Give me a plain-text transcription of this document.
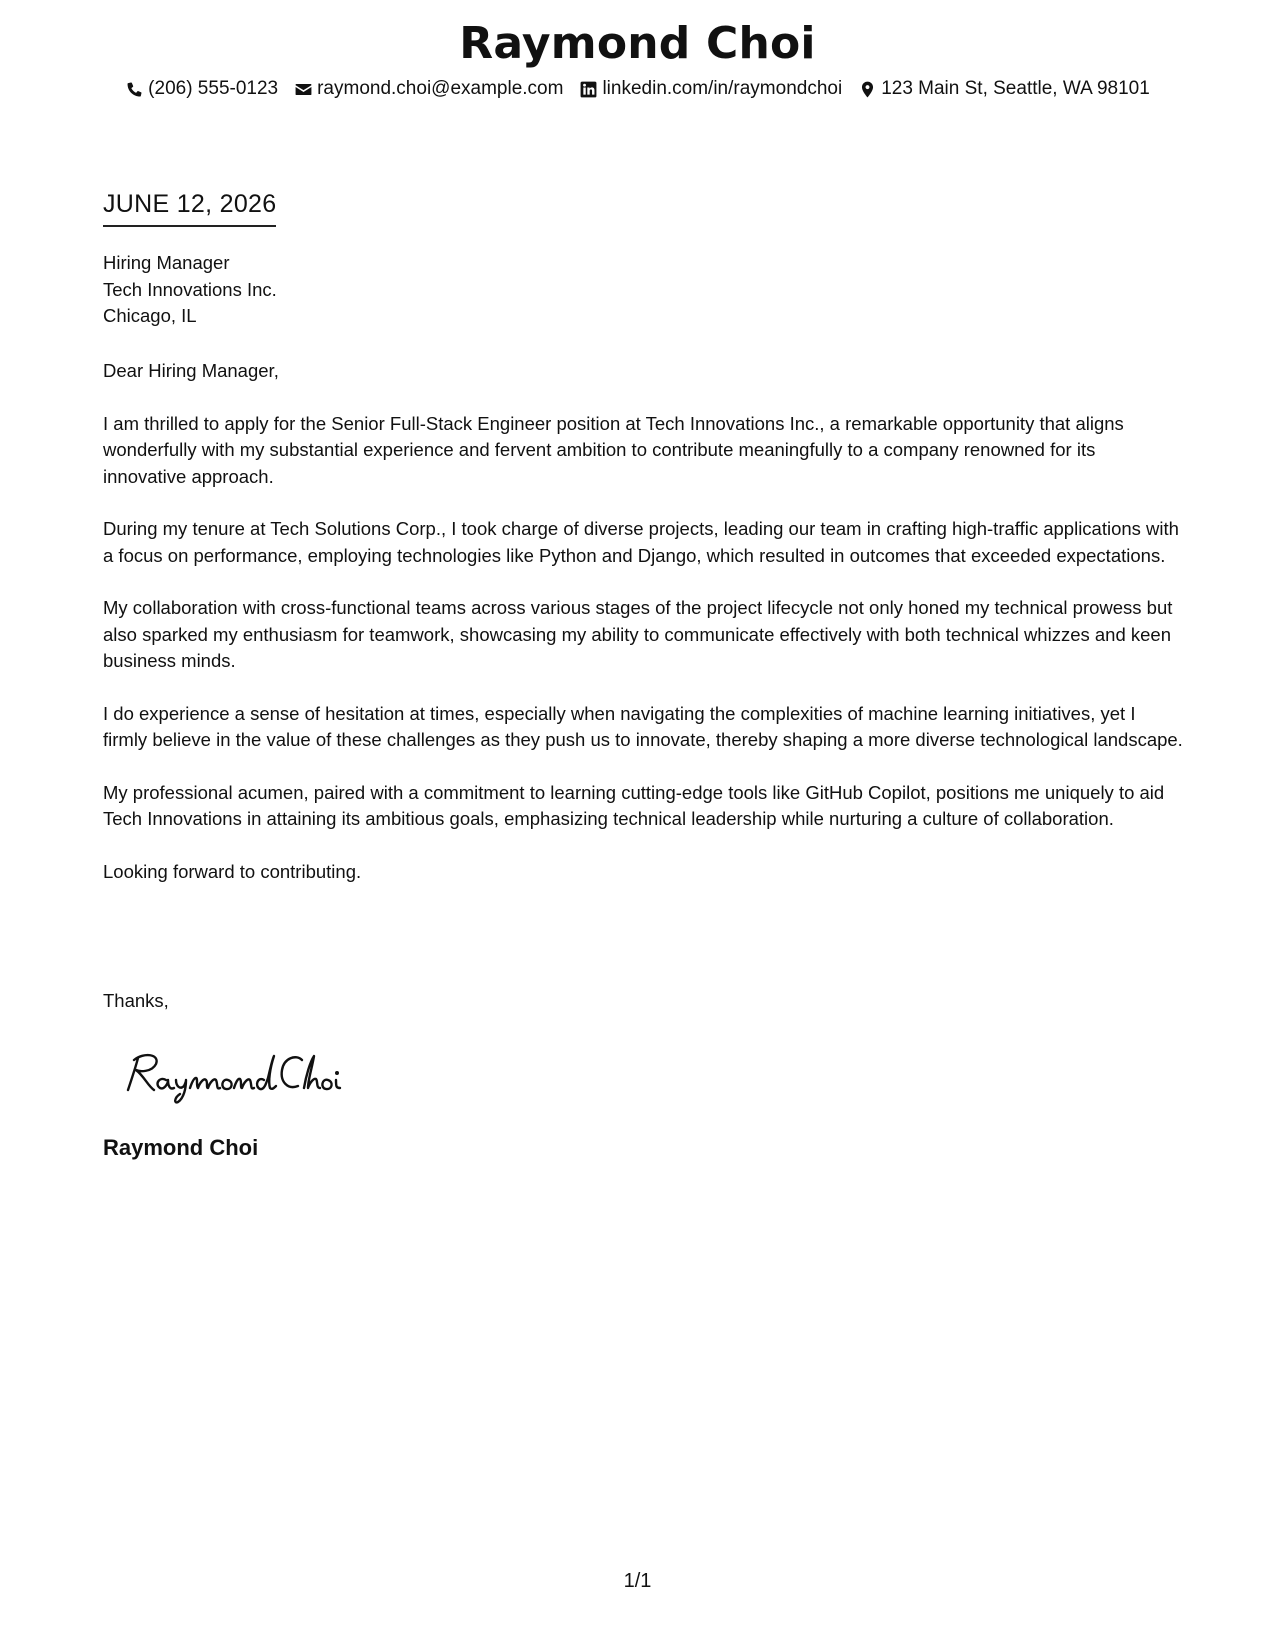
Raymond Choi
(206) 555-0123 raymond.choi@example.com linkedin.com/in/raymondchoi 123 Main St, Seattle, WA 98101
JUNE 12, 2026
Hiring Manager
Tech Innovations Inc.
Chicago, IL

Dear Hiring Manager,

I am thrilled to apply for the Senior Full-Stack Engineer position at Tech Innovations Inc., a remarkable opportunity that aligns wonderfully with my substantial experience and fervent ambition to contribute meaningfully to a company renowned for its innovative approach.

During my tenure at Tech Solutions Corp., I took charge of diverse projects, leading our team in crafting high-traffic applications with a focus on performance, employing technologies like Python and Django, which resulted in outcomes that exceeded expectations.

My collaboration with cross-functional teams across various stages of the project lifecycle not only honed my technical prowess but also sparked my enthusiasm for teamwork, showcasing my ability to communicate effectively with both technical whizzes and keen business minds.

I do experience a sense of hesitation at times, especially when navigating the complexities of machine learning initiatives, yet I firmly believe in the value of these challenges as they push us to innovate, thereby shaping a more diverse technological landscape.

My professional acumen, paired with a commitment to learning cutting-edge tools like GitHub Copilot, positions me uniquely to aid Tech Innovations in attaining its ambitious goals, emphasizing technical leadership while nurturing a culture of collaboration.

Looking forward to contributing.

Thanks,
Raymond Choi
1/1
